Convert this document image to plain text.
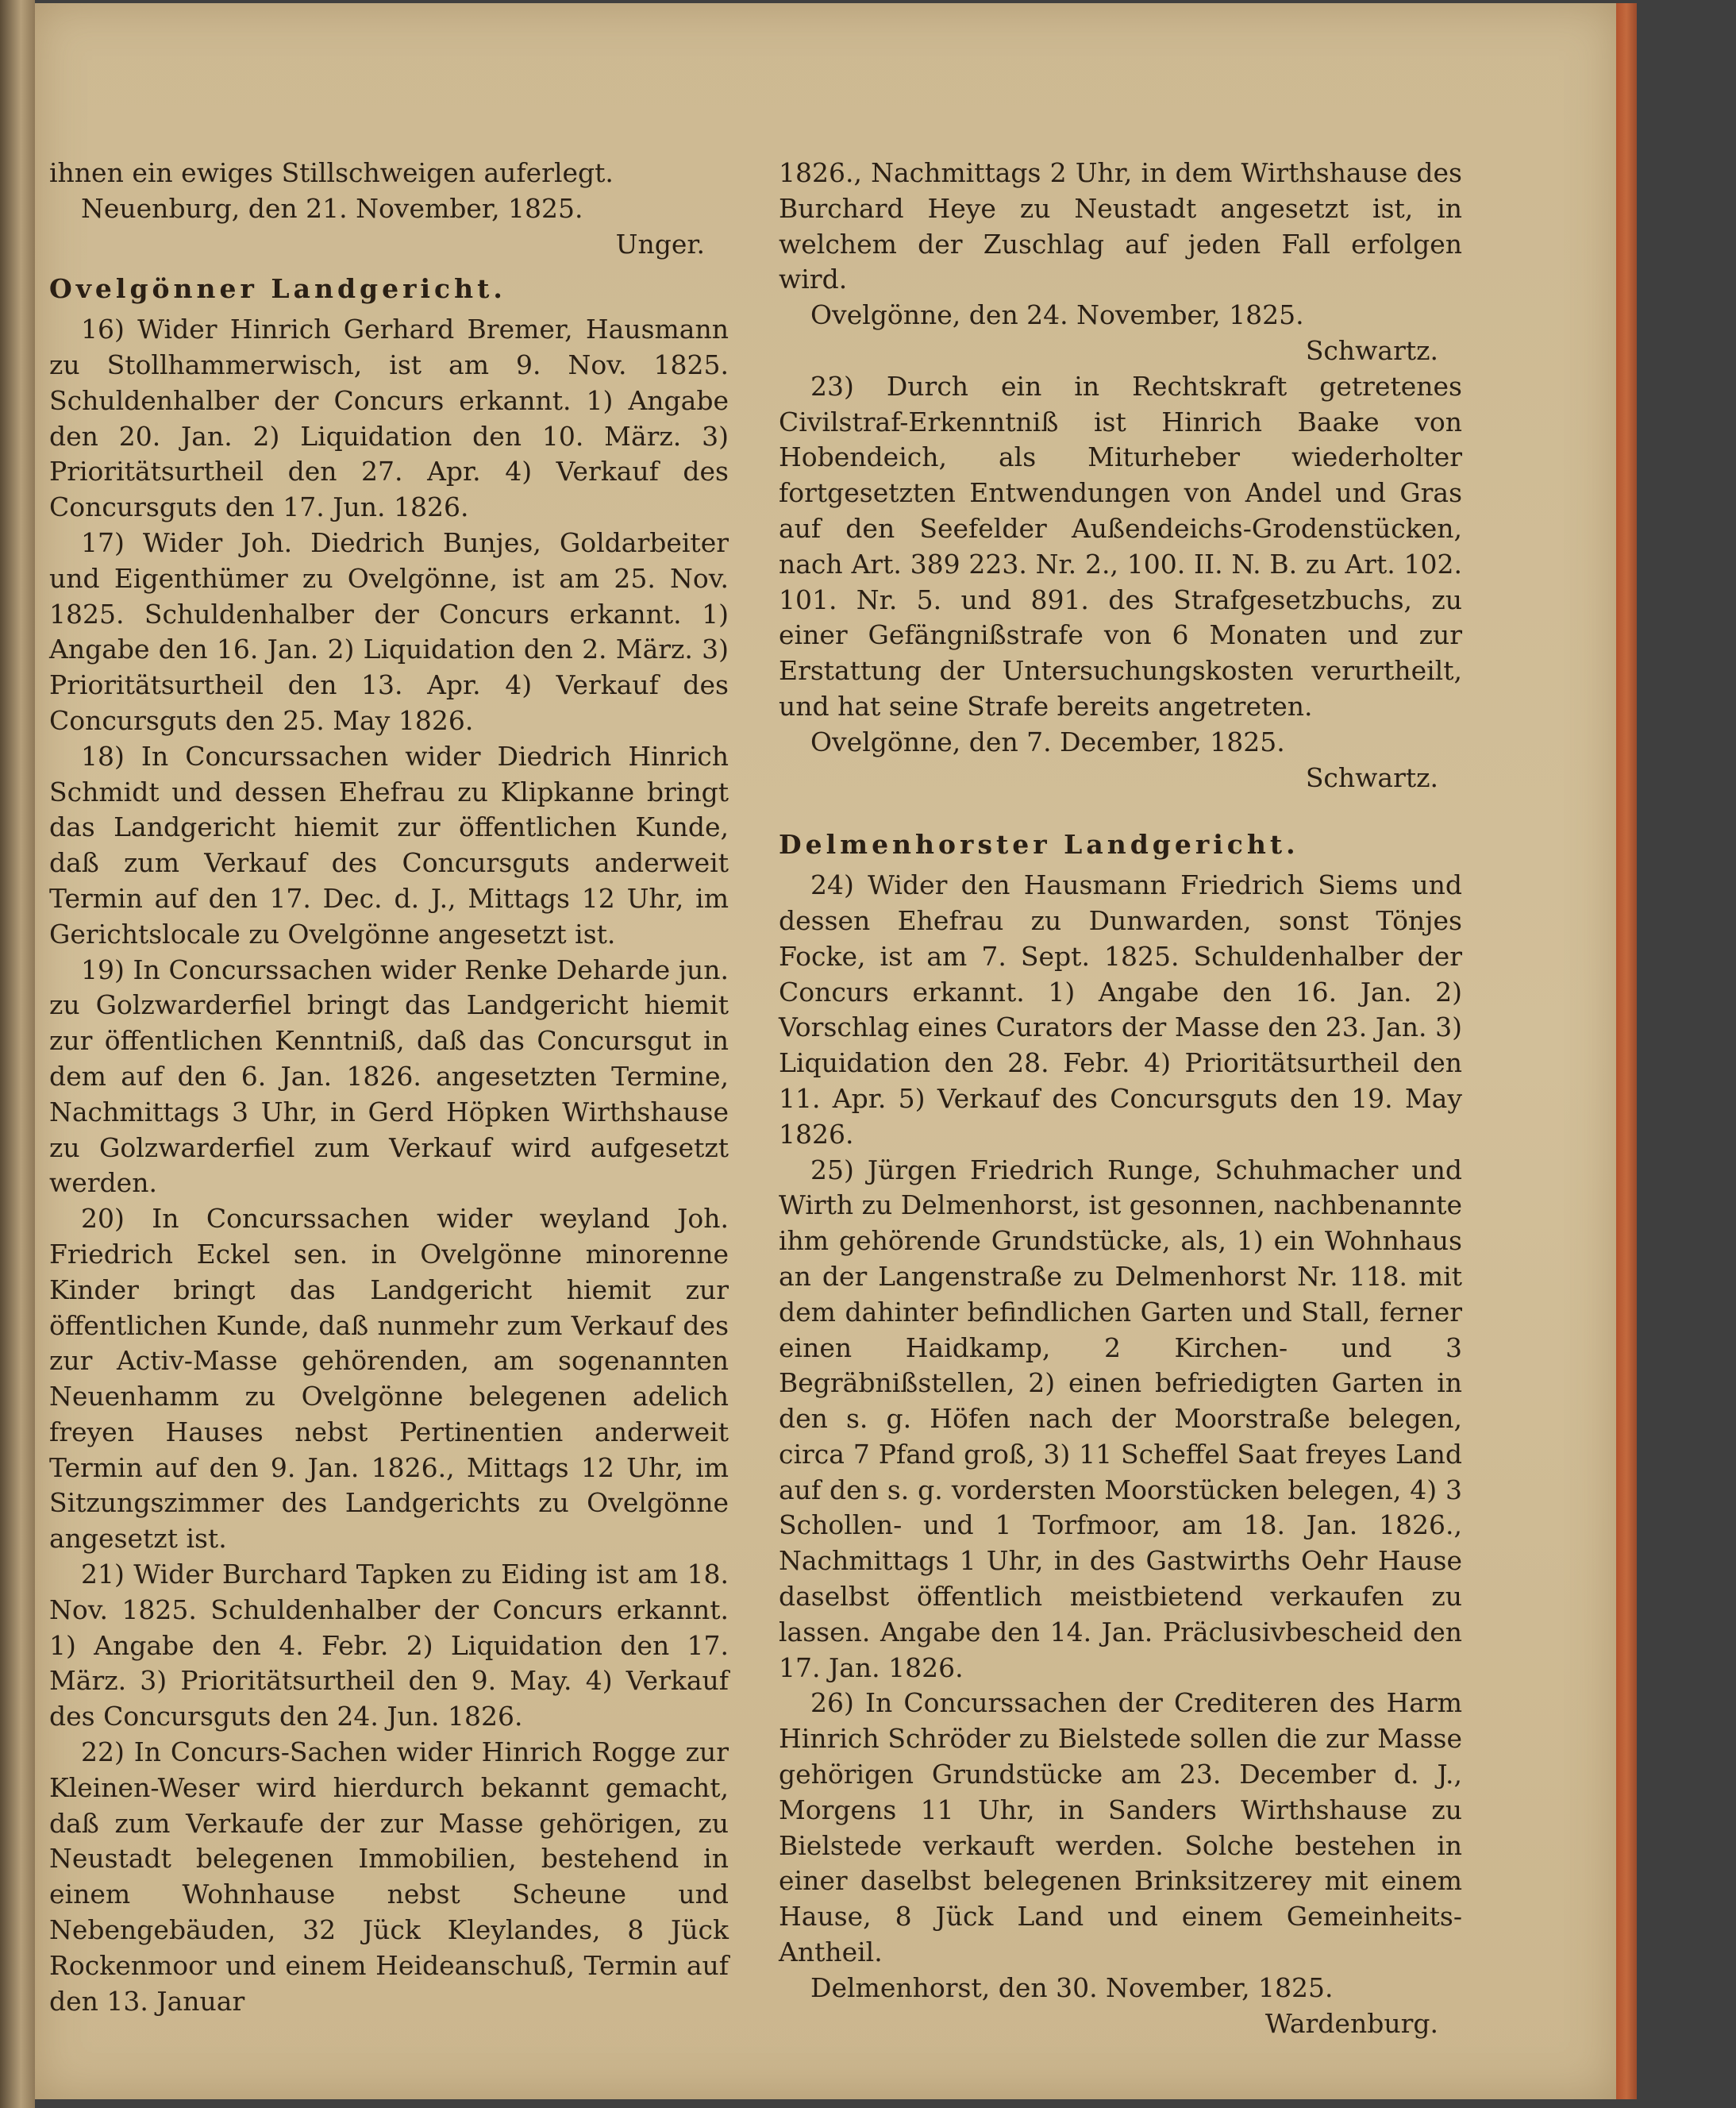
ihnen ein ewiges Stillschweigen auferlegt.

Neuenburg, den 21. November, 1825.

Unger.

Ovelgönner Landgericht.

16) Wider Hinrich Gerhard Bremer, Hausmann zu Stollhammerwisch, ist am 9. Nov. 1825. Schuldenhalber der Concurs erkannt. 1) Angabe den 20. Jan. 2) Liquidation den 10. März. 3) Prioritätsurtheil den 27. Apr. 4) Verkauf des Concursguts den 17. Jun. 1826.

17) Wider Joh. Diedrich Bunjes, Goldarbeiter und Eigenthümer zu Ovelgönne, ist am 25. Nov. 1825. Schuldenhalber der Concurs erkannt. 1) Angabe den 16. Jan. 2) Liquidation den 2. März. 3) Prioritätsurtheil den 13. Apr. 4) Verkauf des Concursguts den 25. May 1826.

18) In Concurssachen wider Diedrich Hinrich Schmidt und dessen Ehefrau zu Klipkanne bringt das Landgericht hiemit zur öffentlichen Kunde, daß zum Verkauf des Concursguts anderweit Termin auf den 17. Dec. d. J., Mittags 12 Uhr, im Gerichtslocale zu Ovelgönne angesetzt ist.

19) In Concurssachen wider Renke Deharde jun. zu Golzwarderfiel bringt das Landgericht hiemit zur öffentlichen Kenntniß, daß das Concursgut in dem auf den 6. Jan. 1826. angesetzten Termine, Nachmittags 3 Uhr, in Gerd Höpken Wirthshause zu Golzwarderfiel zum Verkauf wird aufgesetzt werden.

20) In Concurssachen wider weyland Joh. Friedrich Eckel sen. in Ovelgönne minorenne Kinder bringt das Landgericht hiemit zur öffentlichen Kunde, daß nunmehr zum Verkauf des zur Activ-Masse gehörenden, am sogenannten Neuenhamm zu Ovelgönne belegenen adelich freyen Hauses nebst Pertinentien anderweit Termin auf den 9. Jan. 1826., Mittags 12 Uhr, im Sitzungszimmer des Landgerichts zu Ovelgönne angesetzt ist.

21) Wider Burchard Tapken zu Eiding ist am 18. Nov. 1825. Schuldenhalber der Concurs erkannt. 1) Angabe den 4. Febr. 2) Liquidation den 17. März. 3) Prioritätsurtheil den 9. May. 4) Verkauf des Concursguts den 24. Jun. 1826.

22) In Concurs-Sachen wider Hinrich Rogge zur Kleinen-Weser wird hierdurch bekannt gemacht, daß zum Verkaufe der zur Masse gehörigen, zu Neustadt belegenen Immobilien, bestehend in einem Wohnhause nebst Scheune und Nebengebäuden, 32 Jück Kleylandes, 8 Jück Rockenmoor und einem Heideanschuß, Termin auf den 13. Januar

1826., Nachmittags 2 Uhr, in dem Wirthshause des Burchard Heye zu Neustadt angesetzt ist, in welchem der Zuschlag auf jeden Fall erfolgen wird.

Ovelgönne, den 24. November, 1825.

Schwartz.

23) Durch ein in Rechtskraft getretenes Civilstraf-Erkenntniß ist Hinrich Baake von Hobendeich, als Miturheber wiederholter fortgesetzten Entwendungen von Andel und Gras auf den Seefelder Außendeichs-Grodenstücken, nach Art. 389 223. Nr. 2., 100. II. N. B. zu Art. 102. 101. Nr. 5. und 891. des Strafgesetzbuchs, zu einer Gefängnißstrafe von 6 Monaten und zur Erstattung der Untersuchungskosten verurtheilt, und hat seine Strafe bereits angetreten.

Ovelgönne, den 7. December, 1825.

Schwartz.

Delmenhorster Landgericht.

24) Wider den Hausmann Friedrich Siems und dessen Ehefrau zu Dunwarden, sonst Tönjes Focke, ist am 7. Sept. 1825. Schuldenhalber der Concurs erkannt. 1) Angabe den 16. Jan. 2) Vorschlag eines Curators der Masse den 23. Jan. 3) Liquidation den 28. Febr. 4) Prioritätsurtheil den 11. Apr. 5) Verkauf des Concursguts den 19. May 1826.

25) Jürgen Friedrich Runge, Schuhmacher und Wirth zu Delmenhorst, ist gesonnen, nachbenannte ihm gehörende Grundstücke, als, 1) ein Wohnhaus an der Langenstraße zu Delmenhorst Nr. 118. mit dem dahinter befindlichen Garten und Stall, ferner einen Haidkamp, 2 Kirchen- und 3 Begräbnißstellen, 2) einen befriedigten Garten in den s. g. Höfen nach der Moorstraße belegen, circa 7 Pfand groß, 3) 11 Scheffel Saat freyes Land auf den s. g. vordersten Moorstücken belegen, 4) 3 Schollen- und 1 Torfmoor, am 18. Jan. 1826., Nachmittags 1 Uhr, in des Gastwirths Oehr Hause daselbst öffentlich meistbietend verkaufen zu lassen. Angabe den 14. Jan. Präclusivbescheid den 17. Jan. 1826.

26) In Concurssachen der Crediteren des Harm Hinrich Schröder zu Bielstede sollen die zur Masse gehörigen Grundstücke am 23. December d. J., Morgens 11 Uhr, in Sanders Wirthshause zu Bielstede verkauft werden. Solche bestehen in einer daselbst belegenen Brinksitzerey mit einem Hause, 8 Jück Land und einem Gemeinheits-Antheil.

Delmenhorst, den 30. November, 1825.

Wardenburg.
